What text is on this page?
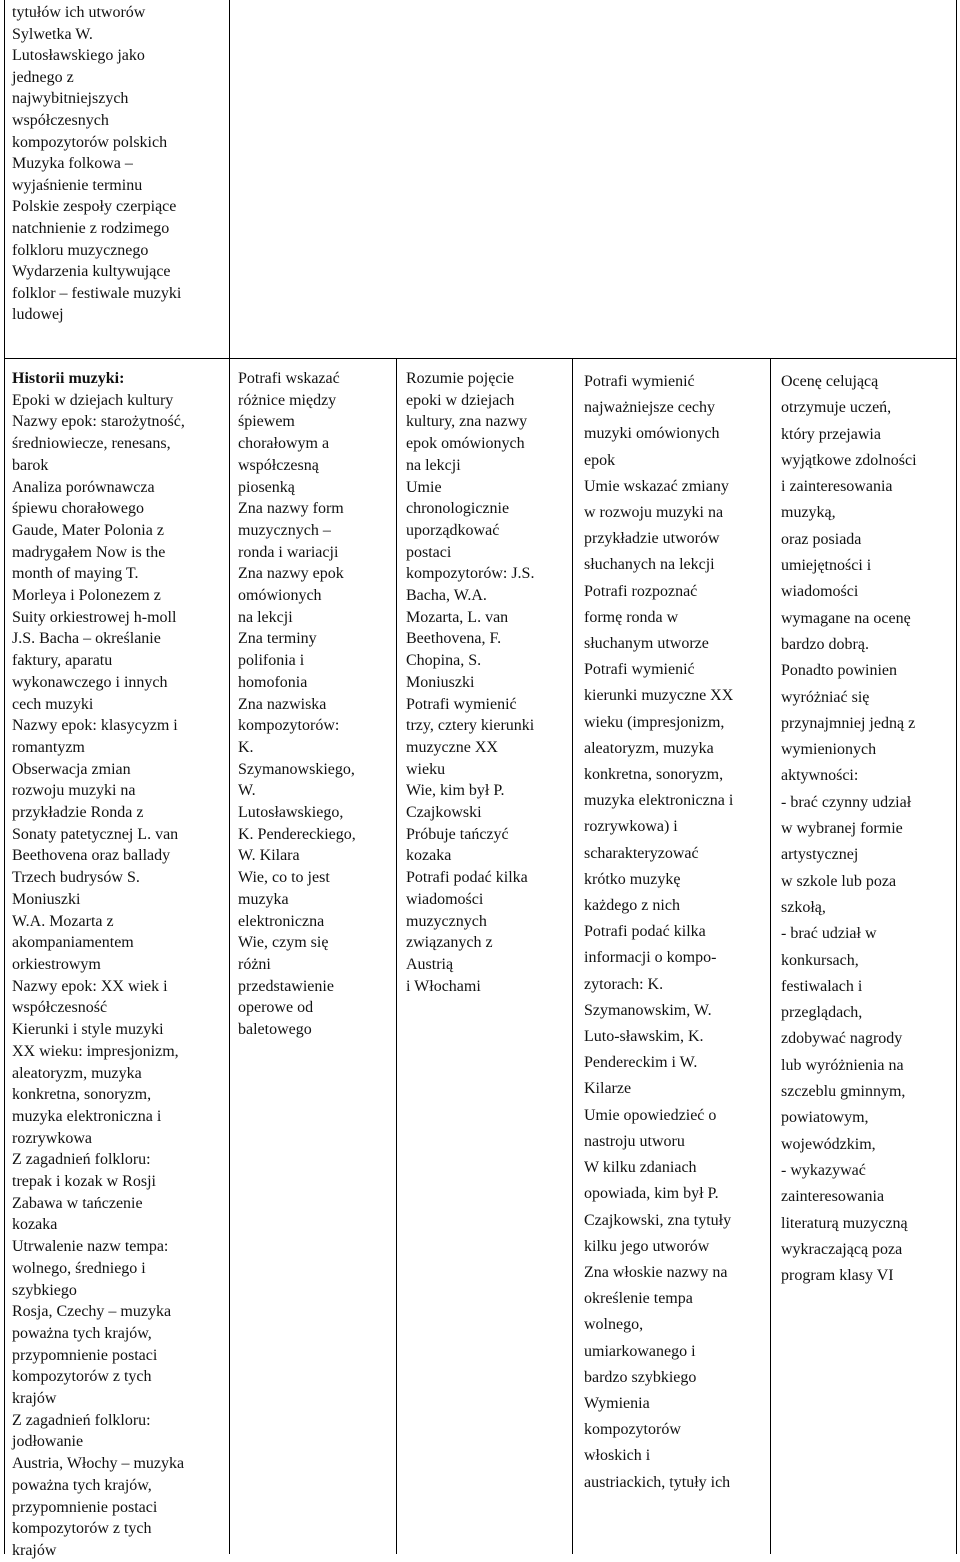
tytułów ich utworów
Sylwetka W.
Lutosławskiego jako
jednego z
najwybitniejszych
współczesnych
kompozytorów polskich
Muzyka folkowa –
wyjaśnienie terminu
Polskie zespoły czerpiące
natchnienie z rodzimego
folkloru muzycznego
Wydarzenia kultywujące
folklor – festiwale muzyki
ludowej
Historii muzyki:
Epoki w dziejach kultury
Nazwy epok: starożytność,
średniowiecze, renesans,
barok
Analiza porównawcza
śpiewu chorałowego
Gaude, Mater Polonia z
madrygałem Now is the
month of maying T.
Morleya i Polonezem z
Suity orkiestrowej h-moll
J.S. Bacha – określanie
faktury, aparatu
wykonawczego i innych
cech muzyki
Nazwy epok: klasycyzm i
romantyzm
Obserwacja zmian
rozwoju muzyki na
przykładzie Ronda z
Sonaty patetycznej L. van
Beethovena oraz ballady
Trzech budrysów S.
Moniuszki
W.A. Mozarta z
akompaniamentem
orkiestrowym
Nazwy epok: XX wiek i
współczesność
Kierunki i style muzyki
XX wieku: impresjonizm,
aleatoryzm, muzyka
konkretna, sonoryzm,
muzyka elektroniczna i
rozrywkowa
Z zagadnień folkloru:
trepak i kozak w Rosji
Zabawa w tańczenie
kozaka
Utrwalenie nazw tempa:
wolnego, średniego i
szybkiego
Rosja, Czechy – muzyka
poważna tych krajów,
przypomnienie postaci
kompozytorów z tych
krajów
Z zagadnień folkloru:
jodłowanie
Austria, Włochy – muzyka
poważna tych krajów,
przypomnienie postaci
kompozytorów z tych
krajów
Potrafi wskazać
różnice między
śpiewem
chorałowym a
współczesną
piosenką
Zna nazwy form
muzycznych –
ronda i wariacji
Zna nazwy epok
omówionych
na lekcji
Zna terminy
polifonia i
homofonia
Zna nazwiska
kompozytorów:
K.
Szymanowskiego,
W.
Lutosławskiego,
K. Pendereckiego,
W. Kilara
Wie, co to jest
muzyka
elektroniczna
Wie, czym się
różni
przedstawienie
operowe od
baletowego
Rozumie pojęcie
epoki w dziejach
kultury, zna nazwy
epok omówionych
na lekcji
Umie
chronologicznie
uporządkować
postaci
kompozytorów: J.S.
Bacha, W.A.
Mozarta, L. van
Beethovena, F.
Chopina, S.
Moniuszki
Potrafi wymienić
trzy, cztery kierunki
muzyczne XX
wieku
Wie, kim był P.
Czajkowski
Próbuje tańczyć
kozaka
Potrafi podać kilka
wiadomości
muzycznych
związanych z
Austrią
i Włochami
Potrafi wymienić
najważniejsze cechy
muzyki omówionych
epok
Umie wskazać zmiany
w rozwoju muzyki na
przykładzie utworów
słuchanych na lekcji
Potrafi rozpoznać
formę ronda w
słuchanym utworze
Potrafi wymienić
kierunki muzyczne XX
wieku (impresjonizm,
aleatoryzm, muzyka
konkretna, sonoryzm,
muzyka elektroniczna i
rozrywkowa) i
scharakteryzować
krótko muzykę
każdego z nich
Potrafi podać kilka
informacji o kompo-
zytorach: K.
Szymanowskim, W.
Luto-sławskim, K.
Pendereckim i W.
Kilarze
Umie opowiedzieć o
nastroju utworu
W kilku zdaniach
opowiada, kim był P.
Czajkowski, zna tytuły
kilku jego utworów
Zna włoskie nazwy na
określenie tempa
wolnego,
umiarkowanego i
bardzo szybkiego
Wymienia
kompozytorów
włoskich i
austriackich, tytuły ich
Ocenę celującą
otrzymuje uczeń,
który przejawia
wyjątkowe zdolności
i zainteresowania
muzyką,
oraz posiada
umiejętności i
wiadomości
wymagane na ocenę
bardzo dobrą.
Ponadto powinien
wyróżniać się
przynajmniej jedną z
wymienionych
aktywności:
- brać czynny udział
w wybranej formie
artystycznej
w szkole lub poza
szkołą,
- brać udział w
konkursach,
festiwalach i
przeglądach,
zdobywać nagrody
lub wyróżnienia na
szczeblu gminnym,
powiatowym,
wojewódzkim,
- wykazywać
zainteresowania
literaturą muzyczną
wykraczającą poza
program klasy VI
